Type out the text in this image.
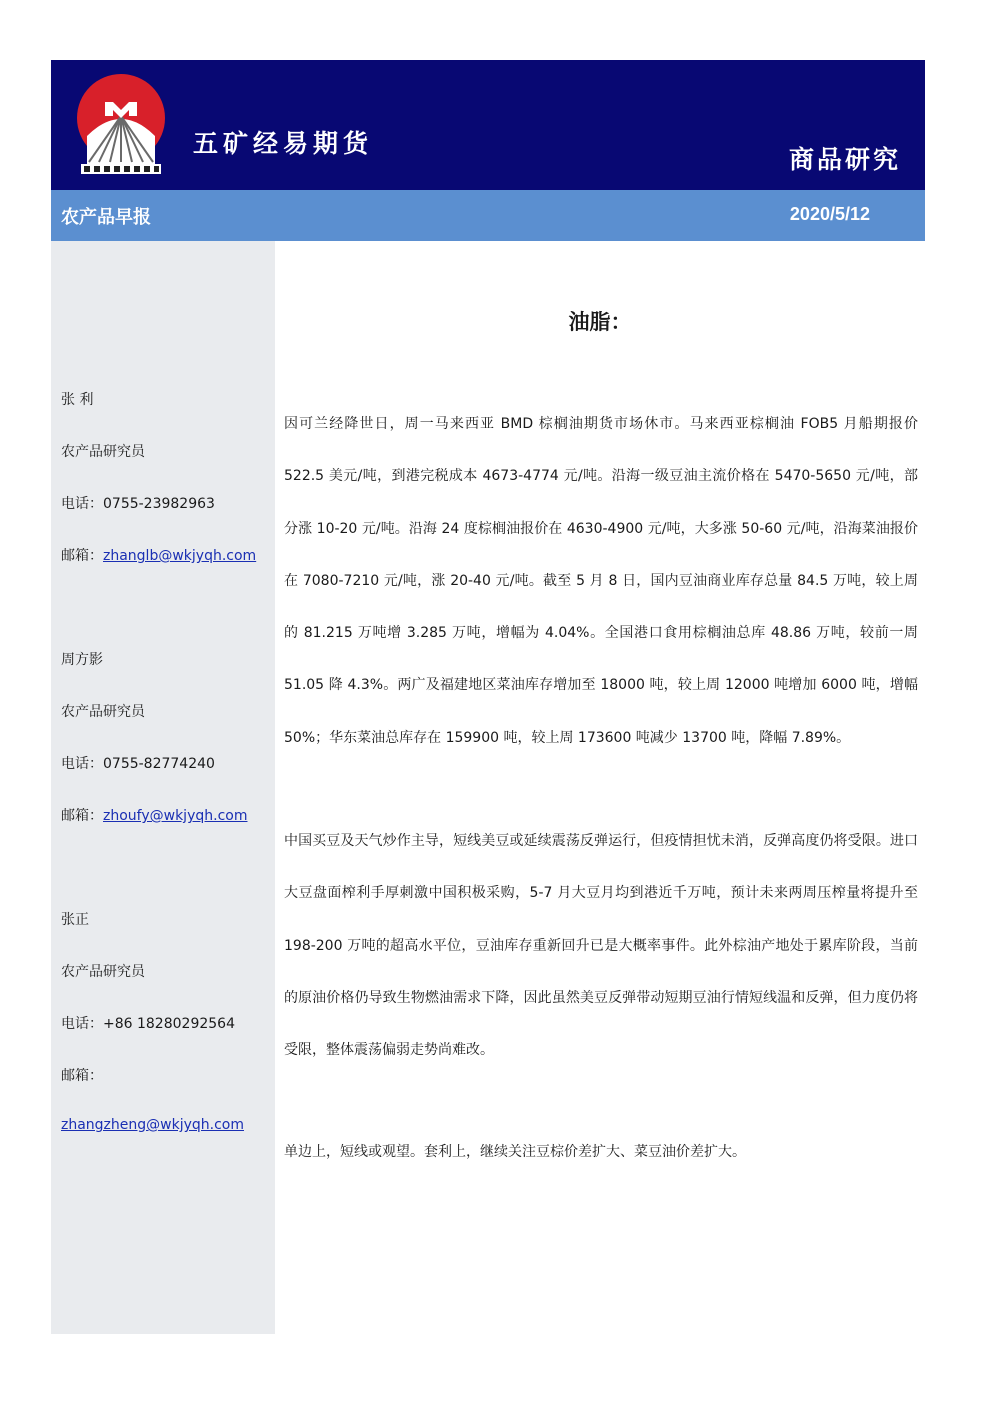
五矿经易期货
商品研究
农产品早报	2020/5/12
张 利
农产品研究员
电话：0755-23982963
邮箱：zhanglb@wkjyqh.com
周方影
农产品研究员
电话：0755-82774240
邮箱：zhoufy@wkjyqh.com
张正
农产品研究员
电话：+86 18280292564
邮箱：
zhangzheng@wkjyqh.com
油脂：
因可兰经降世日，周一马来西亚 BMD 棕榈油期货市场休市。马来西亚棕榈油 FOB5 月船期报价 522.5 美元/吨，到港完税成本 4673-4774 元/吨。沿海一级豆油主流价格在 5470-5650 元/吨，部分涨 10-20 元/吨。沿海 24 度棕榈油报价在 4630-4900 元/吨，大多涨 50-60 元/吨，沿海菜油报价在 7080-7210 元/吨，涨 20-40 元/吨。截至 5 月 8 日，国内豆油商业库存总量 84.5 万吨，较上周的 81.215 万吨增 3.285 万吨，增幅为 4.04%。全国港口食用棕榈油总库 48.86 万吨，较前一周 51.05 降 4.3%。两广及福建地区菜油库存增加至 18000 吨，较上周 12000 吨增加 6000 吨，增幅 50%；华东菜油总库存在 159900 吨，较上周 173600 吨减少 13700 吨，降幅 7.89%。
中国买豆及天气炒作主导，短线美豆或延续震荡反弹运行，但疫情担忧未消，反弹高度仍将受限。进口大豆盘面榨利手厚刺激中国积极采购，5-7 月大豆月均到港近千万吨，预计未来两周压榨量将提升至 198-200 万吨的超高水平位，豆油库存重新回升已是大概率事件。此外棕油产地处于累库阶段，当前的原油价格仍导致生物燃油需求下降，因此虽然美豆反弹带动短期豆油行情短线温和反弹，但力度仍将受限，整体震荡偏弱走势尚难改。
单边上，短线或观望。套利上，继续关注豆棕价差扩大、菜豆油价差扩大。
